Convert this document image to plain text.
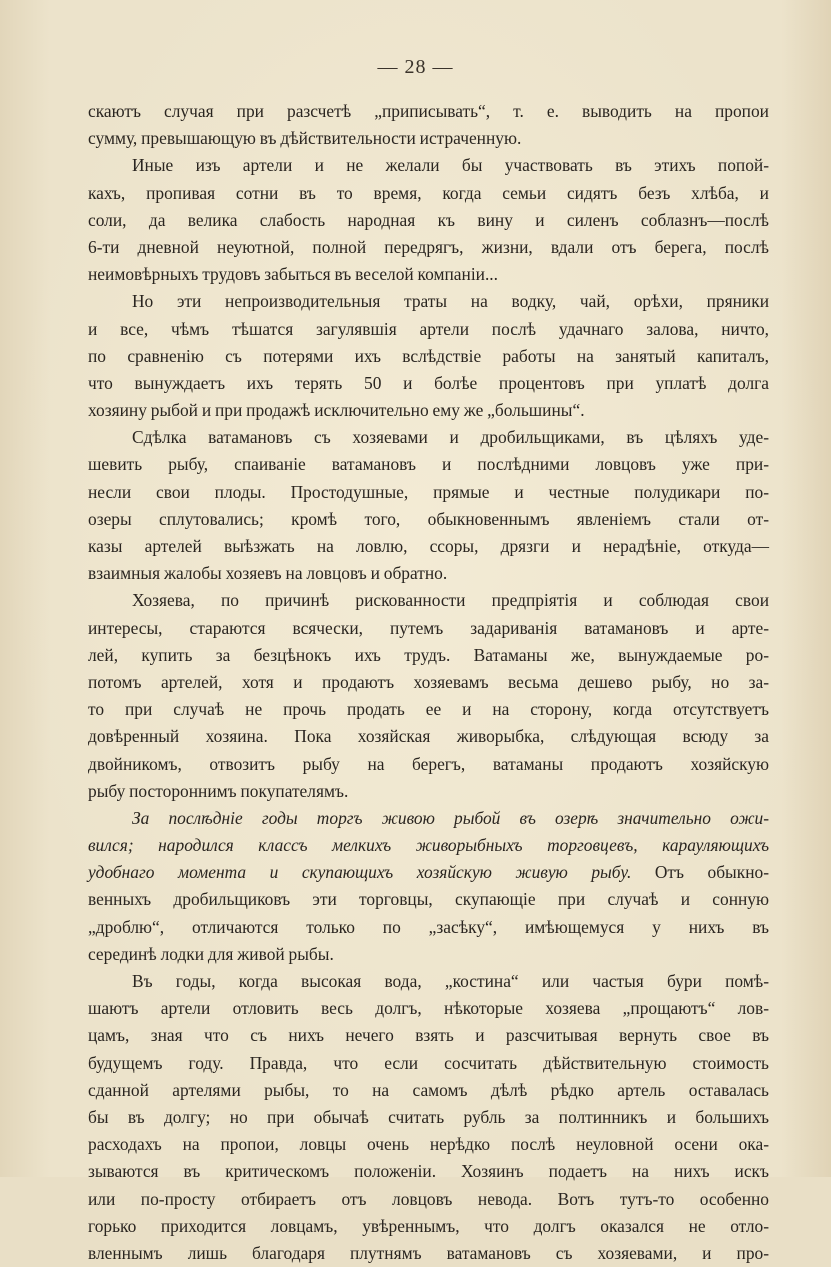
— 28 —
скаютъ случая при разсчетѣ „приписывать“, т. е. выводить на пропои
сумму, превышающую въ дѣйствительности истраченную.
Иные изъ артели и не желали бы участвовать въ этихъ попой-
кахъ, пропивая сотни въ то время, когда семьи сидятъ безъ хлѣба, и
соли, да велика слабость народная къ вину и силенъ соблазнъ—послѣ
6-ти дневной неуютной, полной передрягъ, жизни, вдали отъ берега, послѣ
неимовѣрныхъ трудовъ забыться въ веселой компаніи...
Но эти непроизводительныя траты на водку, чай, орѣхи, пряники
и все, чѣмъ тѣшатся загулявшія артели послѣ удачнаго залова, ничто,
по сравненію съ потерями ихъ вслѣдствіе работы на занятый капиталъ,
что вынуждаетъ ихъ терять 50 и болѣе процентовъ при уплатѣ долга
хозяину рыбой и при продажѣ исключительно ему же „большины“.
Сдѣлка ватамановъ съ хозяевами и дробильщиками, въ цѣляхъ уде-
шевить рыбу, спаиваніе ватамановъ и послѣдними ловцовъ уже при-
несли свои плоды. Простодушные, прямые и честные полудикари по-
озеры сплутовались; кромѣ того, обыкновеннымъ явленіемъ стали от-
казы артелей выѣзжать на ловлю, ссоры, дрязги и нерадѣніе, откуда—
взаимныя жалобы хозяевъ на ловцовъ и обратно.
Хозяева, по причинѣ рискованности предпріятія и соблюдая свои
интересы, стараются всячески, путемъ задариванія ватамановъ и арте-
лей, купить за безцѣнокъ ихъ трудъ. Ватаманы же, вынуждаемые ро-
потомъ артелей, хотя и продаютъ хозяевамъ весьма дешево рыбу, но за-
то при случаѣ не прочь продать ее и на сторону, когда отсутствуетъ
довѣренный хозяина. Пока хозяйская живорыбка, слѣдующая всюду за
двойникомъ, отвозитъ рыбу на берегъ, ватаманы продаютъ хозяйскую
рыбу постороннимъ покупателямъ.
За послѣдніе годы торгъ живою рыбой въ озерѣ значительно ожи-
вился; народился классъ мелкихъ живорыбныхъ торговцевъ, карауляющихъ
удобнаго момента и скупающихъ хозяйскую живую рыбу. Отъ обыкно-
венныхъ дробильщиковъ эти торговцы, скупающіе при случаѣ и сонную
„дроблю“, отличаются только по „засѣку“, имѣющемуся у нихъ въ
серединѣ лодки для живой рыбы.
Въ годы, когда высокая вода, „костина“ или частыя бури помѣ-
шаютъ артели отловить весь долгъ, нѣкоторые хозяева „прощаютъ“ лов-
цамъ, зная что съ нихъ нечего взять и разсчитывая вернуть свое въ
будущемъ году. Правда, что если сосчитать дѣйствительную стоимость
сданной артелями рыбы, то на самомъ дѣлѣ рѣдко артель оставалась
бы въ долгу; но при обычаѣ считать рубль за полтинникъ и большихъ
расходахъ на пропои, ловцы очень нерѣдко послѣ неуловной осени ока-
зываются въ критическомъ положеніи. Хозяинъ подаетъ на нихъ искъ
или по-просту отбираетъ отъ ловцовъ невода. Вотъ тутъ-то особенно
горько приходится ловцамъ, увѣреннымъ, что долгъ оказался не отло-
вленнымъ лишь благодаря плутнямъ ватамановъ съ хозяевами, и про-
